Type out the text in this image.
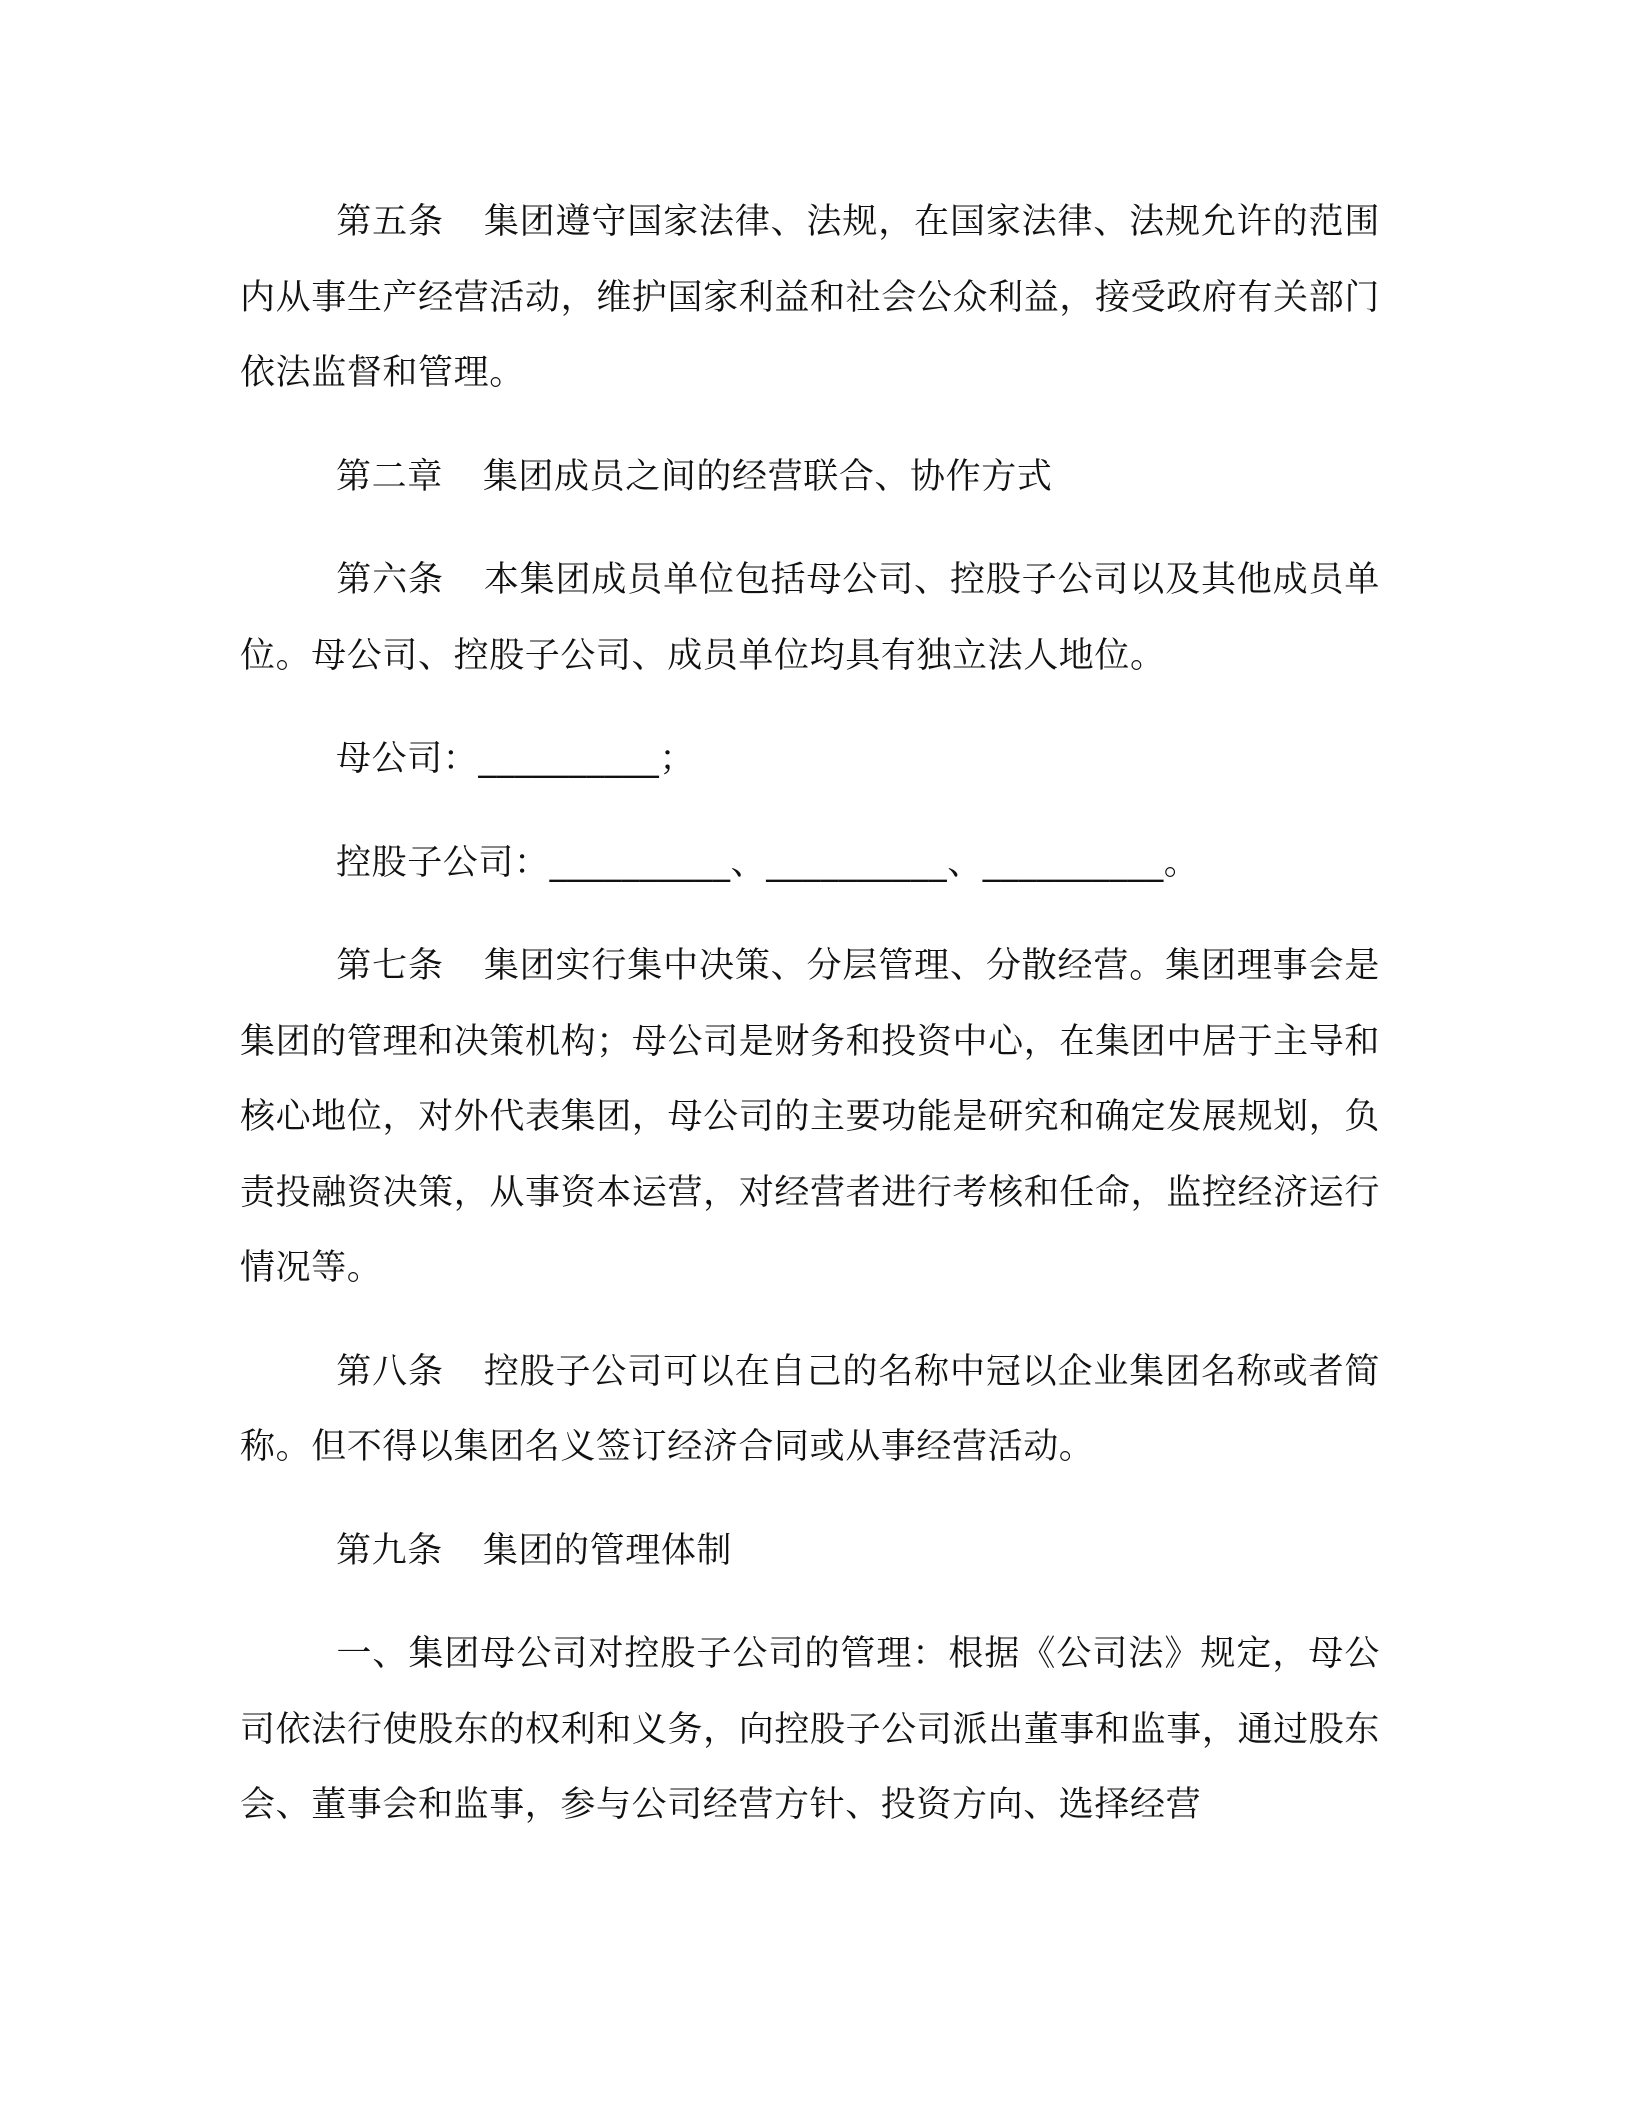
第五条 集团遵守国家法律、法规，在国家法律、法规允许的范围内从事生产经营活动，维护国家利益和社会公众利益，接受政府有关部门依法监督和管理。

第二章 集团成员之间的经营联合、协作方式

第六条 本集团成员单位包括母公司、控股子公司以及其他成员单位。母公司、控股子公司、成员单位均具有独立法人地位。

母公司：__________；

控股子公司：__________、__________、__________。

第七条 集团实行集中决策、分层管理、分散经营。集团理事会是集团的管理和决策机构；母公司是财务和投资中心，在集团中居于主导和核心地位，对外代表集团，母公司的主要功能是研究和确定发展规划，负责投融资决策，从事资本运营，对经营者进行考核和任命，监控经济运行情况等。

第八条 控股子公司可以在自己的名称中冠以企业集团名称或者简称。但不得以集团名义签订经济合同或从事经营活动。

第九条 集团的管理体制

一、集团母公司对控股子公司的管理：根据《公司法》规定，母公司依法行使股东的权利和义务，向控股子公司派出董事和监事，通过股东会、董事会和监事，参与公司经营方针、投资方向、选择经营
